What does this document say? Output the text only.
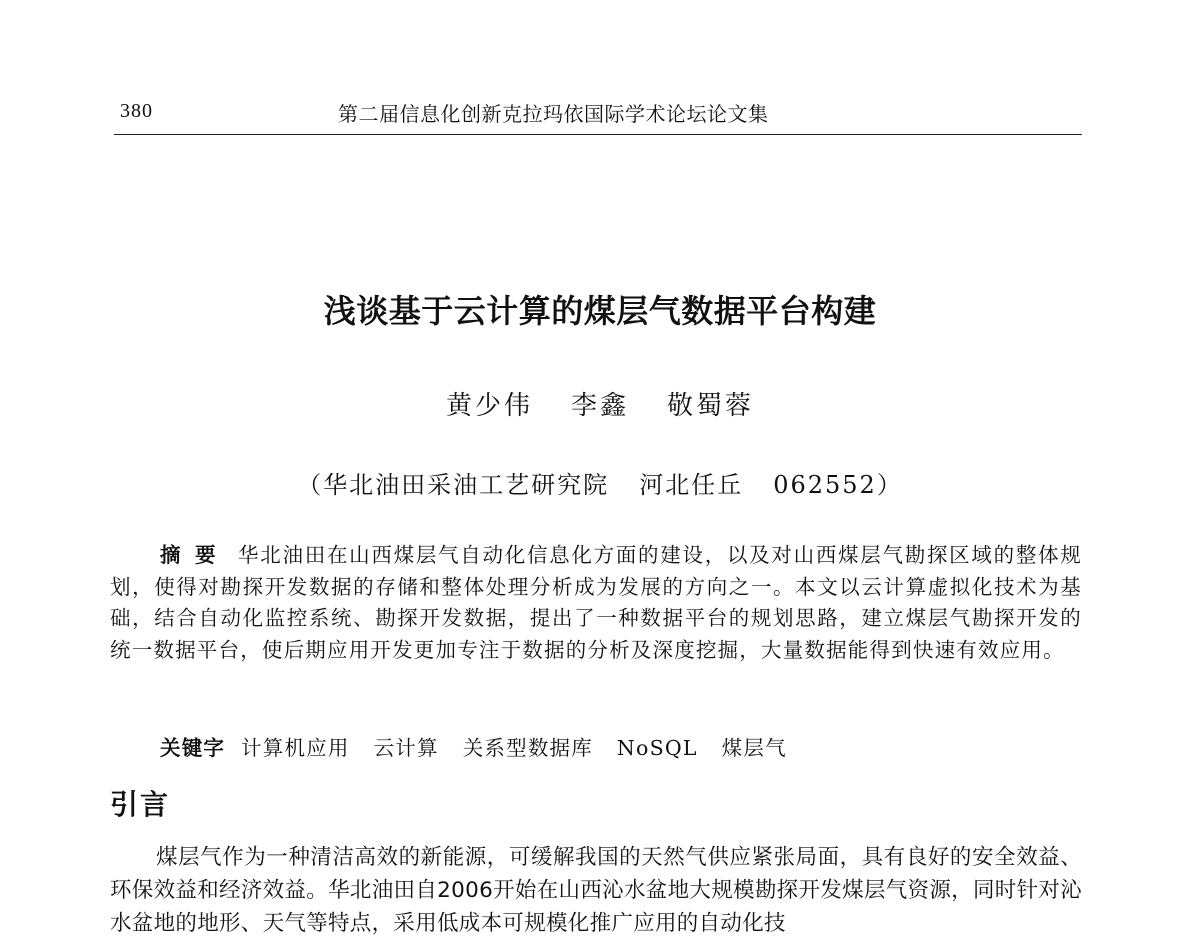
380	第二届信息化创新克拉玛依国际学术论坛论文集
浅谈基于云计算的煤层气数据平台构建
黄少伟 李鑫 敬蜀蓉
（华北油田采油工艺研究院 河北任丘 062552）
摘要 华北油田在山西煤层气自动化信息化方面的建设，以及对山西煤层气勘探区域的整体规划，使得对勘探开发数据的存储和整体处理分析成为发展的方向之一。本文以云计算虚拟化技术为基础，结合自动化监控系统、勘探开发数据，提出了一种数据平台的规划思路，建立煤层气勘探开发的统一数据平台，使后期应用开发更加专注于数据的分析及深度挖掘，大量数据能得到快速有效应用。
关键字 计算机应用 云计算 关系型数据库 NoSQL 煤层气
引言
煤层气作为一种清洁高效的新能源，可缓解我国的天然气供应紧张局面，具有良好的安全效益、环保效益和经济效益。华北油田自2006开始在山西沁水盆地大规模勘探开发煤层气资源，同时针对沁水盆地的地形、天气等特点，采用低成本可规模化推广应用的自动化技
